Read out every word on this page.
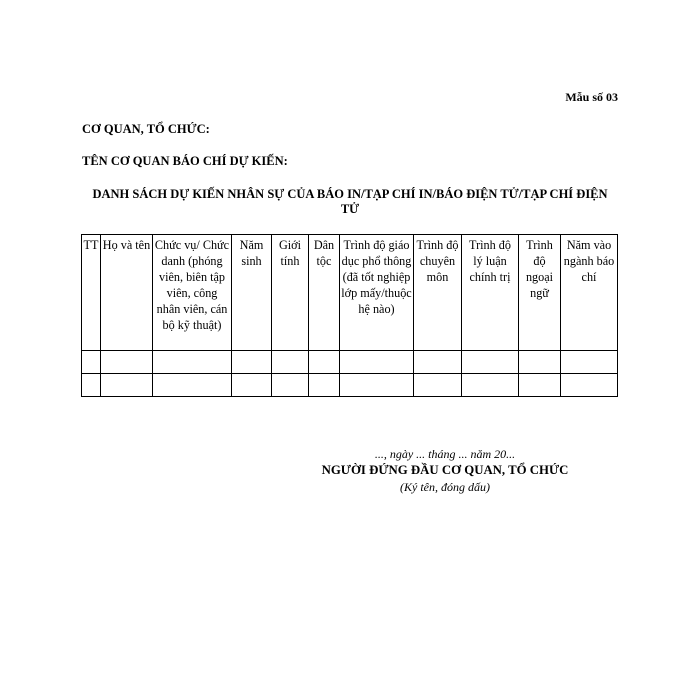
Mẫu số 03
CƠ QUAN, TỔ CHỨC:
TÊN CƠ QUAN BÁO CHÍ DỰ KIẾN:
DANH SÁCH DỰ KIẾN NHÂN SỰ CỦA BÁO IN/TẠP CHÍ IN/BÁO ĐIỆN TỬ/TẠP CHÍ ĐIỆN TỬ
TT	Họ và tên	Chức vụ/ Chức danh (phóng viên, biên tập viên, công nhân viên, cán bộ kỹ thuật)	Năm sinh	Giới tính	Dân tộc	Trình độ giáo dục phổ thông (đã tốt nghiệp lớp mấy/thuộc hệ nào)	Trình độ chuyên môn	Trình độ lý luận chính trị	Trình độ ngoại ngữ	Năm vào ngành báo chí

..., ngày ... tháng ... năm 20...
NGƯỜI ĐỨNG ĐẦU CƠ QUAN, TỔ CHỨC
(Ký tên, đóng dấu)
